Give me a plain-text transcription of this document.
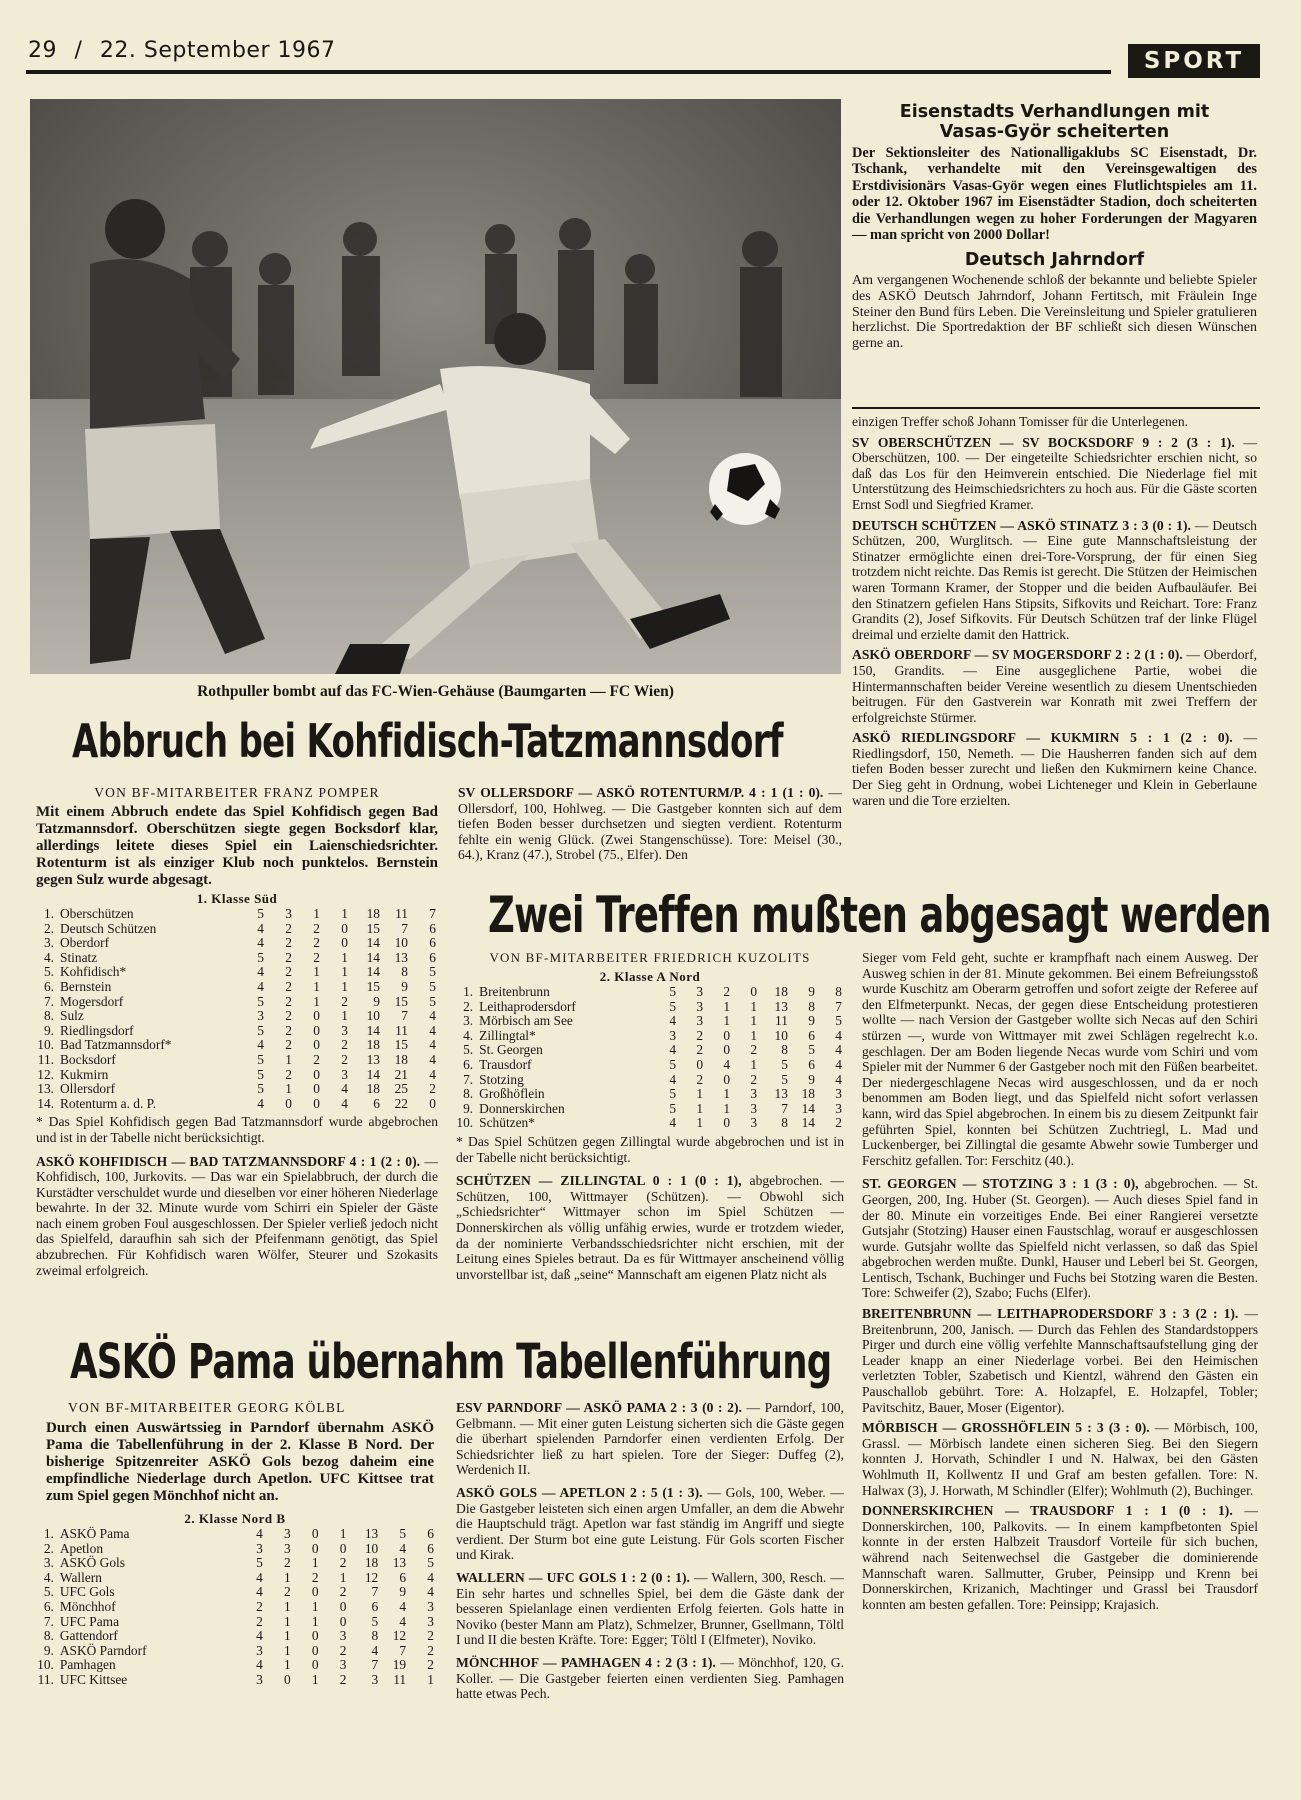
29 / 22. September 1967	SPORT
Rothpuller bombt auf das FC-Wien-Gehäuse (Baumgarten — FC Wien)
Eisenstadts Verhandlungen mit
Vasas-Györ scheiterten

Der Sektionsleiter des Nationalligaklubs SC Eisenstadt, Dr. Tschank, verhandelte mit den Vereinsgewaltigen des Erstdivisionärs Vasas-Györ wegen eines Flutlichtspieles am 11. oder 12. Oktober 1967 im Eisenstädter Stadion, doch scheiterten die Verhandlungen wegen zu hoher Forderungen der Magyaren — man spricht von 2000 Dollar!

Deutsch Jahrndorf

Am vergangenen Wochenende schloß der bekannte und beliebte Spieler des ASKÖ Deutsch Jahrndorf, Johann Fertitsch, mit Fräulein Inge Steiner den Bund fürs Leben. Die Vereinsleitung und Spieler gratulieren herzlichst. Die Sportredaktion der BF schließt sich diesen Wünschen gerne an.

einzigen Treffer schoß Johann Tomisser für die Unterlegenen.

SV OBERSCHÜTZEN — SV BOCKSDORF 9 : 2 (3 : 1). — Oberschützen, 100. — Der eingeteilte Schiedsrichter erschien nicht, so daß das Los für den Heimverein entschied. Die Niederlage fiel mit Unterstützung des Heimschiedsrichters zu hoch aus. Für die Gäste scorten Ernst Sodl und Siegfried Kramer.

DEUTSCH SCHÜTZEN — ASKÖ STINATZ 3 : 3 (0 : 1). — Deutsch Schützen, 200, Wurglitsch. — Eine gute Mannschaftsleistung der Stinatzer ermöglichte einen drei-Tore-Vorsprung, der für einen Sieg trotzdem nicht reichte. Das Remis ist gerecht. Die Stützen der Heimischen waren Tormann Kramer, der Stopper und die beiden Aufbauläufer. Bei den Stinatzern gefielen Hans Stipsits, Sifkovits und Reichart. Tore: Franz Grandits (2), Josef Sifkovits. Für Deutsch Schützen traf der linke Flügel dreimal und erzielte damit den Hattrick.

ASKÖ OBERDORF — SV MOGERSDORF 2 : 2 (1 : 0). — Oberdorf, 150, Grandits. — Eine ausgeglichene Partie, wobei die Hintermannschaften beider Vereine wesentlich zu diesem Unentschieden beitrugen. Für den Gastverein war Konrath mit zwei Treffern der erfolgreichste Stürmer.

ASKÖ RIEDLINGSDORF — KUKMIRN 5 : 1 (2 : 0). — Riedlingsdorf, 150, Nemeth. — Die Hausherren fanden sich auf dem tiefen Boden besser zurecht und ließen den Kukmirnern keine Chance. Der Sieg geht in Ordnung, wobei Lichteneger und Klein in Geberlaune waren und die Tore erzielten.

Abbruch bei Kohfidisch-Tatzmannsdorf
VON BF-MITARBEITER FRANZ POMPER

Mit einem Abbruch endete das Spiel Kohfidisch gegen Bad Tatzmannsdorf. Oberschützen siegte gegen Bocksdorf klar, allerdings leitete dieses Spiel ein Laienschiedsrichter. Rotenturm ist als einziger Klub noch punktelos. Bernstein gegen Sulz wurde abgesagt.

1. Klasse Süd
1.	Oberschützen	5	3	1	1	18	11	7
2.	Deutsch Schützen	4	2	2	0	15	7	6
3.	Oberdorf	4	2	2	0	14	10	6
4.	Stinatz	5	2	2	1	14	13	6
5.	Kohfidisch*	4	2	1	1	14	8	5
6.	Bernstein	4	2	1	1	15	9	5
7.	Mogersdorf	5	2	1	2	9	15	5
8.	Sulz	3	2	0	1	10	7	4
9.	Riedlingsdorf	5	2	0	3	14	11	4
10.	Bad Tatzmannsdorf*	4	2	0	2	18	15	4
11.	Bocksdorf	5	1	2	2	13	18	4
12.	Kukmirn	5	2	0	3	14	21	4
13.	Ollersdorf	5	1	0	4	18	25	2
14.	Rotenturm a. d. P.	4	0	0	4	6	22	0

* Das Spiel Kohfidisch gegen Bad Tatzmannsdorf wurde abgebrochen und ist in der Tabelle nicht berücksichtigt.

ASKÖ KOHFIDISCH — BAD TATZMANNSDORF 4 : 1 (2 : 0). — Kohfidisch, 100, Jurkovits. — Das war ein Spielabbruch, der durch die Kurstädter verschuldet wurde und dieselben vor einer höheren Niederlage bewahrte. In der 32. Minute wurde vom Schirri ein Spieler der Gäste nach einem groben Foul ausgeschlossen. Der Spieler verließ jedoch nicht das Spielfeld, daraufhin sah sich der Pfeifenmann genötigt, das Spiel abzubrechen. Für Kohfidisch waren Wölfer, Steurer und Szokasits zweimal erfolgreich.

SV OLLERSDORF — ASKÖ ROTENTURM/P. 4 : 1 (1 : 0). — Ollersdorf, 100, Hohlweg. — Die Gastgeber konnten sich auf dem tiefen Boden besser durchsetzen und siegten verdient. Rotenturm fehlte ein wenig Glück. (Zwei Stangenschüsse). Tore: Meisel (30., 64.), Kranz (47.), Strobel (75., Elfer). Den

Zwei Treffen mußten abgesagt werden
VON BF-MITARBEITER FRIEDRICH KUZOLITS
2. Klasse A Nord
1.	Breitenbrunn	5	3	2	0	18	9	8
2.	Leithaprodersdorf	5	3	1	1	13	8	7
3.	Mörbisch am See	4	3	1	1	11	9	5
4.	Zillingtal*	3	2	0	1	10	6	4
5.	St. Georgen	4	2	0	2	8	5	4
6.	Trausdorf	5	0	4	1	5	6	4
7.	Stotzing	4	2	0	2	5	9	4
8.	Großhöflein	5	1	1	3	13	18	3
9.	Donnerskirchen	5	1	1	3	7	14	3
10.	Schützen*	4	1	0	3	8	14	2

* Das Spiel Schützen gegen Zillingtal wurde abgebrochen und ist in der Tabelle nicht berücksichtigt.

SCHÜTZEN — ZILLINGTAL 0 : 1 (0 : 1), abgebrochen. — Schützen, 100, Wittmayer (Schützen). — Obwohl sich „Schiedsrichter“ Wittmayer schon im Spiel Schützen — Donnerskirchen als völlig unfähig erwies, wurde er trotzdem wieder, da der nominierte Verbandsschiedsrichter nicht erschien, mit der Leitung eines Spieles betraut. Da es für Wittmayer anscheinend völlig unvorstellbar ist, daß „seine“ Mannschaft am eigenen Platz nicht als

Sieger vom Feld geht, suchte er krampfhaft nach einem Ausweg. Der Ausweg schien in der 81. Minute gekommen. Bei einem Befreiungsstoß wurde Kuschitz am Oberarm getroffen und sofort zeigte der Referee auf den Elfmeterpunkt. Necas, der gegen diese Entscheidung protestieren wollte — nach Version der Gastgeber wollte sich Necas auf den Schiri stürzen —, wurde von Wittmayer mit zwei Schlägen regelrecht k.o. geschlagen. Der am Boden liegende Necas wurde vom Schiri und vom Spieler mit der Nummer 6 der Gastgeber noch mit den Füßen bearbeitet. Der niedergeschlagene Necas wird ausgeschlossen, und da er noch benommen am Boden liegt, und das Spielfeld nicht sofort verlassen kann, wird das Spiel abgebrochen. In einem bis zu diesem Zeitpunkt fair geführten Spiel, konnten bei Schützen Zuchtriegl, L. Mad und Luckenberger, bei Zillingtal die gesamte Abwehr sowie Tumberger und Ferschitz gefallen. Tor: Ferschitz (40.).

ST. GEORGEN — STOTZING 3 : 1 (3 : 0), abgebrochen. — St. Georgen, 200, Ing. Huber (St. Georgen). — Auch dieses Spiel fand in der 80. Minute ein vorzeitiges Ende. Bei einer Rangierei versetzte Gutsjahr (Stotzing) Hauser einen Faustschlag, worauf er ausgeschlossen wurde. Gutsjahr wollte das Spielfeld nicht verlassen, so daß das Spiel abgebrochen werden mußte. Dunkl, Hauser und Leberl bei St. Georgen, Lentisch, Tschank, Buchinger und Fuchs bei Stotzing waren die Besten. Tore: Schweifer (2), Szabo; Fuchs (Elfer).

BREITENBRUNN — LEITHAPRODERSDORF 3 : 3 (2 : 1). — Breitenbrunn, 200, Janisch. — Durch das Fehlen des Standardstoppers Pirger und durch eine völlig verfehlte Mannschaftsaufstellung ging der Leader knapp an einer Niederlage vorbei. Bei den Heimischen verletzten Tobler, Szabetisch und Kientzl, während den Gästen ein Pauschallob gebührt. Tore: A. Holzapfel, E. Holzapfel, Tobler; Pavitschitz, Bauer, Moser (Eigentor).

MÖRBISCH — GROSSHÖFLEIN 5 : 3 (3 : 0). — Mörbisch, 100, Grassl. — Mörbisch landete einen sicheren Sieg. Bei den Siegern konnten J. Horvath, Schindler I und N. Halwax, bei den Gästen Wohlmuth II, Kollwentz II und Graf am besten gefallen. Tore: N. Halwax (3), J. Horwath, M Schindler (Elfer); Wohlmuth (2), Buchinger.

DONNERSKIRCHEN — TRAUSDORF 1 : 1 (0 : 1). — Donnerskirchen, 100, Palkovits. — In einem kampfbetonten Spiel konnte in der ersten Halbzeit Trausdorf Vorteile für sich buchen, während nach Seitenwechsel die Gastgeber die dominierende Mannschaft waren. Sallmutter, Gruber, Peinsipp und Krenn bei Donnerskirchen, Krizanich, Machtinger und Grassl bei Trausdorf konnten am besten gefallen. Tore: Peinsipp; Krajasich.

ASKÖ Pama übernahm Tabellenführung
VON BF-MITARBEITER GEORG KÖLBL

Durch einen Auswärtssieg in Parndorf übernahm ASKÖ Pama die Tabellenführung in der 2. Klasse B Nord. Der bisherige Spitzenreiter ASKÖ Gols bezog daheim eine empfindliche Niederlage durch Apetlon. UFC Kittsee trat zum Spiel gegen Mönchhof nicht an.

2. Klasse Nord B
1.	ASKÖ Pama	4	3	0	1	13	5	6
2.	Apetlon	3	3	0	0	10	4	6
3.	ASKÖ Gols	5	2	1	2	18	13	5
4.	Wallern	4	1	2	1	12	6	4
5.	UFC Gols	4	2	0	2	7	9	4
6.	Mönchhof	2	1	1	0	6	4	3
7.	UFC Pama	2	1	1	0	5	4	3
8.	Gattendorf	4	1	0	3	8	12	2
9.	ASKÖ Parndorf	3	1	0	2	4	7	2
10.	Pamhagen	4	1	0	3	7	19	2
11.	UFC Kittsee	3	0	1	2	3	11	1

ESV PARNDORF — ASKÖ PAMA 2 : 3 (0 : 2). — Parndorf, 100, Gelbmann. — Mit einer guten Leistung sicherten sich die Gäste gegen die überhart spielenden Parndorfer einen verdienten Erfolg. Der Schiedsrichter ließ zu hart spielen. Tore der Sieger: Duffeg (2), Werdenich II.

ASKÖ GOLS — APETLON 2 : 5 (1 : 3). — Gols, 100, Weber. — Die Gastgeber leisteten sich einen argen Umfaller, an dem die Abwehr die Hauptschuld trägt. Apetlon war fast ständig im Angriff und siegte verdient. Der Sturm bot eine gute Leistung. Für Gols scorten Fischer und Kirak.

WALLERN — UFC GOLS 1 : 2 (0 : 1). — Wallern, 300, Resch. — Ein sehr hartes und schnelles Spiel, bei dem die Gäste dank der besseren Spielanlage einen verdienten Erfolg feierten. Gols hatte in Noviko (bester Mann am Platz), Schmelzer, Brunner, Gsellmann, Töltl I und II die besten Kräfte. Tore: Egger; Töltl I (Elfmeter), Noviko.

MÖNCHHOF — PAMHAGEN 4 : 2 (3 : 1). — Mönchhof, 120, G. Koller. — Die Gastgeber feierten einen verdienten Sieg. Pamhagen hatte etwas Pech.
